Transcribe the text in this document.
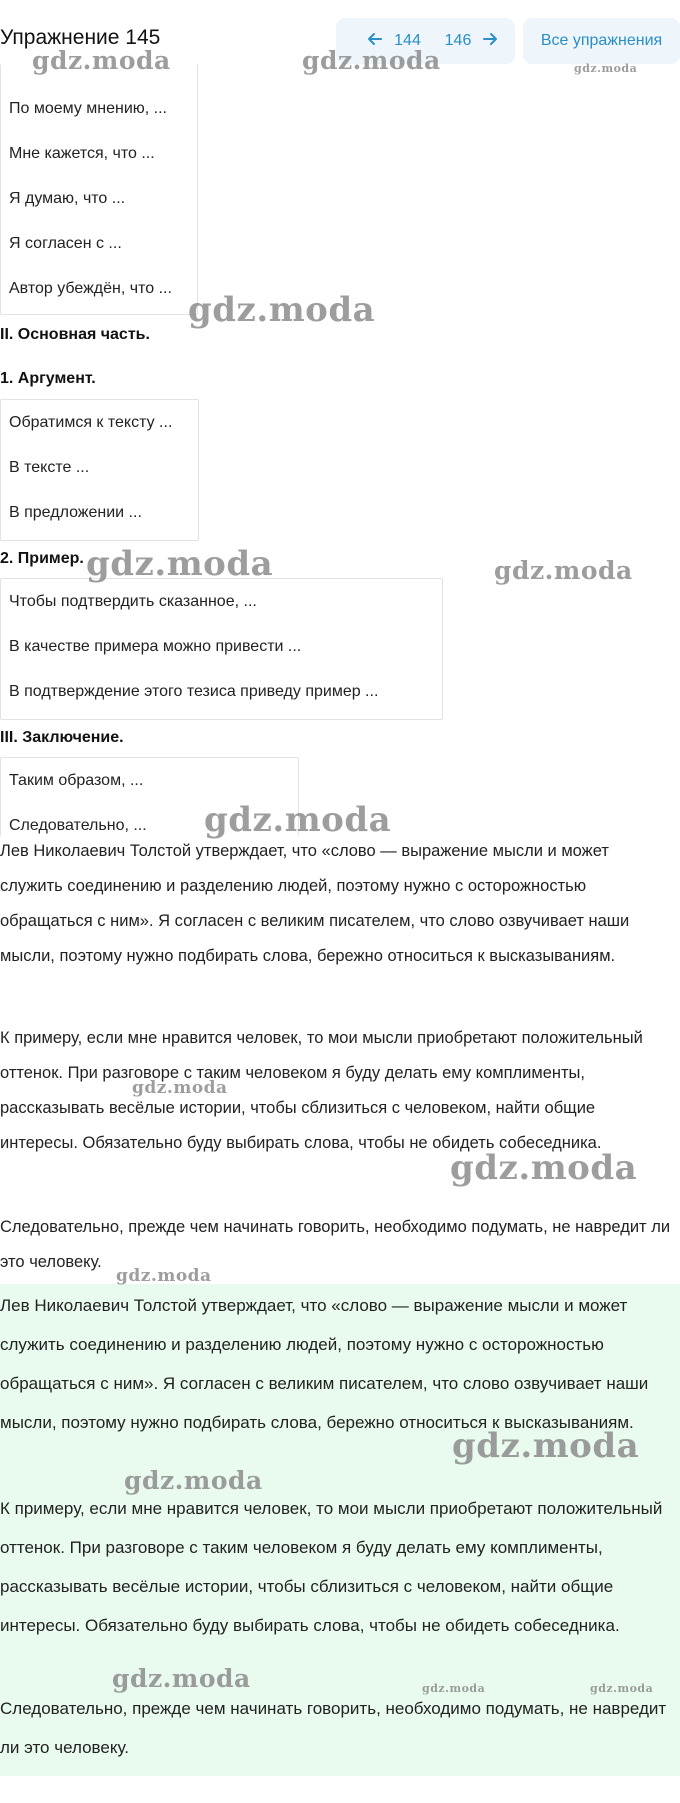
Упражнение 145	144 146	Все упражнения
По моему мнению, ...
Мне кажется, что ...
Я думаю, что ...
Я согласен с ...
Автор убеждён, что ...
II. Основная часть.
1. Аргумент.
Обратимся к тексту ...
В тексте ...
В предложении ...
2. Пример.
Чтобы подтвердить сказанное, ...
В качестве примера можно привести ...
В подтверждение этого тезиса приведу пример ...
III. Заключение.
Таким образом, ...
Следовательно, ...
Лев Николаевич Толстой утверждает, что «слово — выражение мысли и может служить соединению и разделению людей, поэтому нужно с осторожностью обращаться с ним». Я согласен с великим писателем, что слово озвучивает наши мысли, поэтому нужно подбирать слова, бережно относиться к высказываниям.
К примеру, если мне нравится человек, то мои мысли приобретают положительный оттенок. При разговоре с таким человеком я буду делать ему комплименты, рассказывать весёлые истории, чтобы сблизиться с человеком, найти общие интересы. Обязательно буду выбирать слова, чтобы не обидеть собеседника.
Следовательно, прежде чем начинать говорить, необходимо подумать, не навредит ли это человеку.
Лев Николаевич Толстой утверждает, что «слово — выражение мысли и может служить соединению и разделению людей, поэтому нужно с осторожностью обращаться с ним». Я согласен с великим писателем, что слово озвучивает наши мысли, поэтому нужно подбирать слова, бережно относиться к высказываниям.
К примеру, если мне нравится человек, то мои мысли приобретают положительный оттенок. При разговоре с таким человеком я буду делать ему комплименты, рассказывать весёлые истории, чтобы сблизиться с человеком, найти общие интересы. Обязательно буду выбирать слова, чтобы не обидеть собеседника.
Следовательно, прежде чем начинать говорить, необходимо подумать, не навредит ли это человеку.
gdz.moda	gdz.moda	gdz.moda
gdz.moda
gdz.moda	gdz.moda
gdz.moda
gdz.moda
gdz.moda
gdz.moda
gdz.moda
gdz.moda
gdz.moda	gdz.moda	gdz.moda
